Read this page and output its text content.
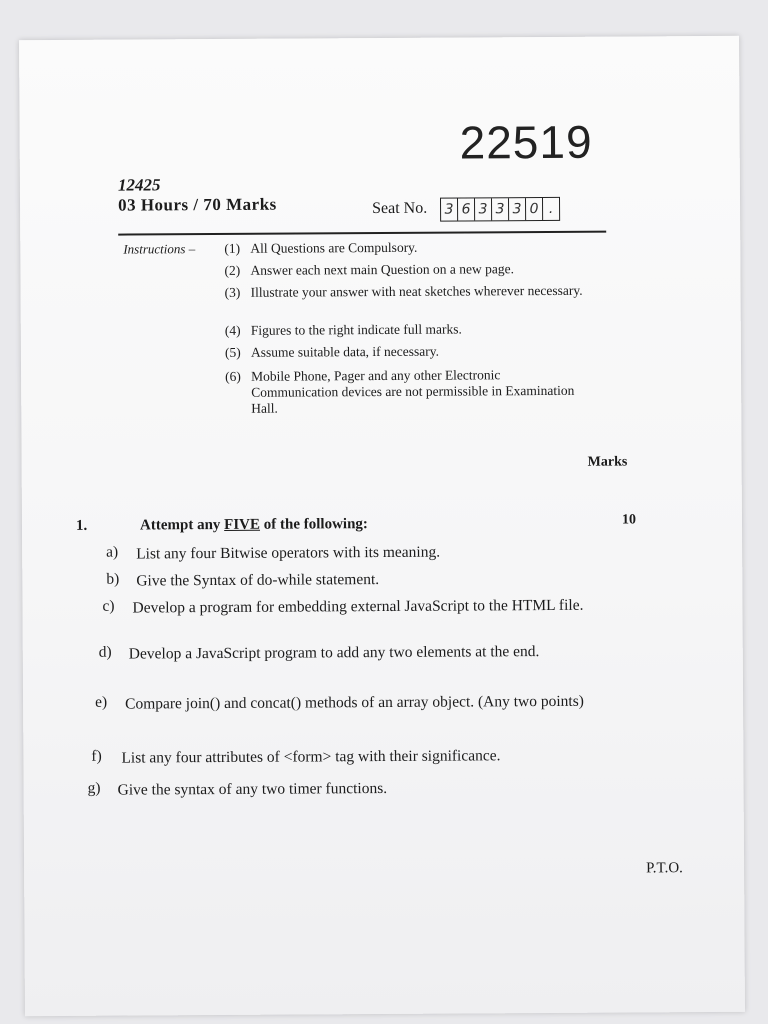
22519
12425
03 Hours / 70 Marks	Seat No. 3 6 3 3 3 0 .
Instructions – (1) All Questions are Compulsory.
(2) Answer each next main Question on a new page.
(3) Illustrate your answer with neat sketches wherever necessary.
(4) Figures to the right indicate full marks.
(5) Assume suitable data, if necessary.
(6) Mobile Phone, Pager and any other Electronic Communication devices are not permissible in Examination Hall.
Marks
1.	Attempt any FIVE of the following:	10
a) List any four Bitwise operators with its meaning.
b) Give the Syntax of do-while statement.
c) Develop a program for embedding external JavaScript to the HTML file.
d) Develop a JavaScript program to add any two elements at the end.
e) Compare join() and concat() methods of an array object. (Any two points)
f) List any four attributes of <form> tag with their significance.
g) Give the syntax of any two timer functions.
P.T.O.
